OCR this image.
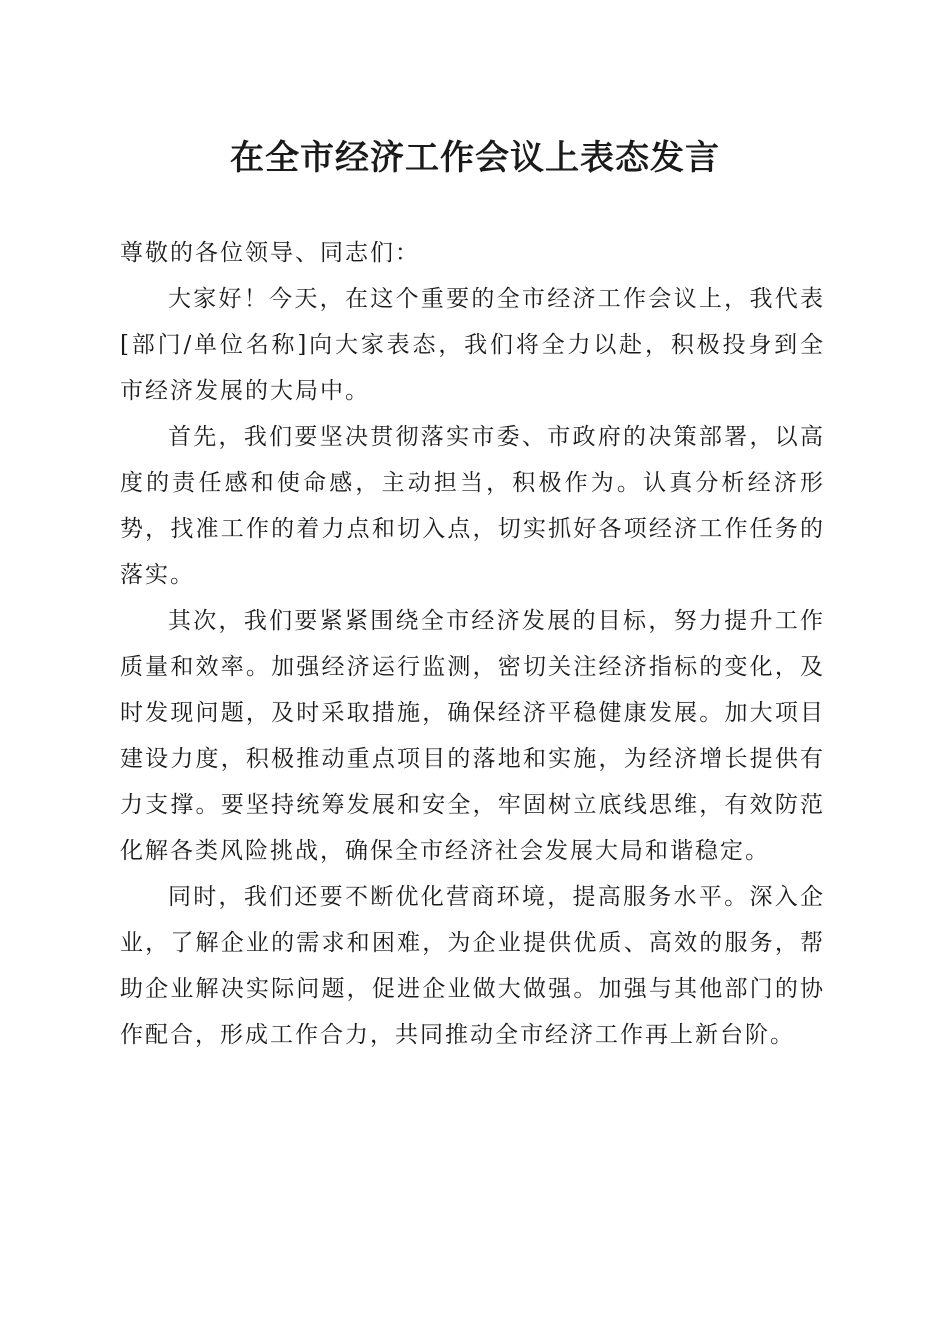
在全市经济工作会议上表态发言

尊敬的各位领导、同志们：

大家好！今天，在这个重要的全市经济工作会议上，我代表[部门/单位名称]向大家表态，我们将全力以赴，积极投身到全市经济发展的大局中。

首先，我们要坚决贯彻落实市委、市政府的决策部署，以高度的责任感和使命感，主动担当，积极作为。认真分析经济形势，找准工作的着力点和切入点，切实抓好各项经济工作任务的落实。

其次，我们要紧紧围绕全市经济发展的目标，努力提升工作质量和效率。加强经济运行监测，密切关注经济指标的变化，及时发现问题，及时采取措施，确保经济平稳健康发展。加大项目建设力度，积极推动重点项目的落地和实施，为经济增长提供有力支撑。要坚持统筹发展和安全，牢固树立底线思维，有效防范化解各类风险挑战，确保全市经济社会发展大局和谐稳定。

同时，我们还要不断优化营商环境，提高服务水平。深入企业，了解企业的需求和困难，为企业提供优质、高效的服务，帮助企业解决实际问题，促进企业做大做强。加强与其他部门的协作配合，形成工作合力，共同推动全市经济工作再上新台阶。
